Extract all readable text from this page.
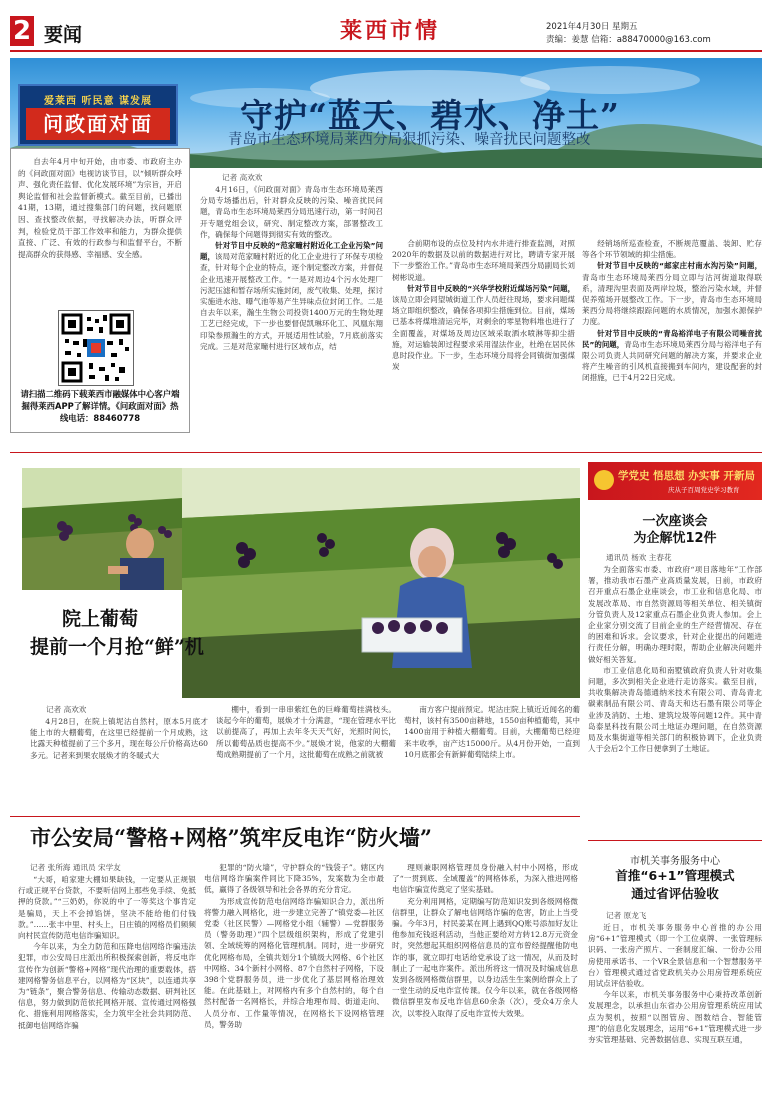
2 要闻	莱西市情	2021年4月30日 星期五
责编：姜慧 信箱：a88470000@163.com
爱莱西 听民意 谋发展
问政面对面	守护“蓝天、碧水、净土”
青岛市生态环境局莱西分局狠抓污染、噪音扰民问题整改

自去年4月中旬开始，由市委、市政府主办的《问政面对面》电视访谈节目，以“倾听群众呼声、强化责任监督、优化发展环境”为宗旨，开启舆论监督和社会监督新模式。截至目前，已播出41期，13期，通过搜集部门的问题，找问题原因、查找整改依据，寻找解决办法，听群众评判，检验党员干部工作效率和能力，为群众提供直接、广泛、有效的行政参与和监督平台，不断提高群众的获得感、幸福感、安全感。

请扫描二维码下载莱西市融媒体中心客户端掘得莱西APP了解详情。《问政面对面》热线电话：88460778
记者 高欢欢

4月16日，《问政面对面》青岛市生态环境局莱西分局专场播出后，针对群众反映的污染、噪音扰民问题，青岛市生态环境局莱西分局迅速行动，第一时间召开专题党组会议，研究、制定整改方案，部署整改工作，确保每个问题得到彻实有效的整改。

针对节目中反映的“范家疃村附近化工企业污染”问题，该局对范家疃村附近的化工企业进行了环保专项检查，针对每个企业的特点，逐个制定整改方案，并督促企业迅速开展整改工作。“一是对周边4个污水处理厂污泥压滤和暂存场所实施封闭，废气收集、处理，探讨实施进水池、曝气池等易产生异味点位封闭工作。二是自去年以来，瀚生生物公司投资1400万元的生物处理工艺已经完成，下一步也要督促凯琳环化工、风凰东翔印染参照瀚生的方式，开展适用性试验，7月底前落实完成。三是对范家疃村进行区域布点，结

合前期布设的点位及村内水井进行排查监测，对照2020年的数据及以前的数据进行对比，聘请专家开展下一步整治工作。”青岛市生态环境局莱西分局副局长刘树彬说道。

针对节目中反映的“兴华学校附近煤场污染”问题，该局立即会同望城街道工作人员赶往现场，要求问题煤场立即组织整改，确保各项抑尘措施到位。目前，煤场已基本将煤堆清运完毕，对剩余的零星物料堆也进行了全面覆盖，对煤场及周边区域采取洒水喷淋等抑尘措施，对运输装卸过程要求采用湿法作业，杜绝在居民休息时段作业。下一步，生态环境分局将会同镇街加强煤炭

经销场所巡查检查，不断规范覆盖、装卸、贮存等各个环节领域的抑尘措施。

针对节目中反映的“邮家庄村南水沟污染”问题，青岛市生态环境局莱西分局立即与沽河街道取得联系，清理沟里表面及两岸垃圾，整治污染水域，并督促养殖场开展整改工作。下一步，青岛市生态环境局莱西分局将继续跟踪问题的水质情况，加强水源保护力度。

针对节目中反映的“青岛裕洋电子有限公司噪音扰民”的问题，青岛市生态环境局莱西分局与裕洋电子有限公司负责人共同研究问题的解决方案，并要求企业将产生噪音的引风机直接搬到车间内，建设配套的封闭措施，已于4月22日完成。

院上葡萄
提前一个月抢“鲜”机
记者 高欢欢

4月28日，在院上镇坭沽自然村，原本5月底才能上市的大棚葡萄，在这里已经提前一个月成熟，这比露天种植提前了三个多月，现在每公斤价格高达60多元。记者来到果农展焕才的冬暖式大

棚中，看到一串串紫红色的巨峰葡萄挂满枝头。谈起今年的葡萄，展焕才十分满意，“现在管理水平比以前提高了，再加上去年冬天天气好，光照时间长，所以葡萄品质也提高不少。”展焕才说，他家的大棚葡萄成熟期提前了一个月，这批葡萄在成熟之前就被

南方客户提前预定。坭沽庄院上镇近近闻名的葡萄村，该村有3500亩耕地，1550亩种植葡萄，其中1400亩用于种植大棚葡萄。目前，大棚葡萄已经迎来丰收季，亩产达15000斤。从4月份开始，一直到10月底都会有新鲜葡萄陆续上市。

学党史 悟思想 办实事 开新局
庆从子百周党史学习教育
一次座谈会
为企解忧12件
通讯员 杨欢 主春花

为全面落实市委、市政府“项目落地年”工作部署，推动我市石墨产业高质量发展，日前，市政府召开重点石墨企业座谈会，市工业和信息化局、市发展改革局、市自然资源局等相关单位、相关镇街分管负责人及12家重点石墨企业负责人参加。会上企业家分别交流了目前企业的生产经营情况、存在的困难和诉求。会议要求，针对企业提出的问题进行责任分解，明确办理时限，帮助企业解决问题并做好相关答复。

市工业信息化局和南墅镇政府负责人针对收集问题，多次到相关企业进行走访落实。截至目前，共收集解决青岛德通纳米技术有限公司、青岛青北碳素制品有限公司、青岛天和达石墨有限公司等企业涉及消防、土地、建筑垃圾等问题12件。其中青岛泰星科技有限公司土地证办理问题，在自然资源局及水集街道等相关部门的积极协调下，企业负责人于会后2个工作日便拿到了土地证。

市公安局“警格+网格”筑牢反电诈“防火墙”
记者 张所海 通讯员 宋学友

“大哥，咱家建大棚如果缺钱，一定要从正规银行或正规平台贷款，不要听信网上那些免手续、免抵押的贷款。”“三奶奶，你说的中了一等奖这个事肯定是骗局，天上不会掉馅饼，坚决不能给他们付钱款。”……张丰中里、村头上，日庄镇的网格员们频频向村民宣传防范电信诈骗知识。

今年以来，为全力防范和压降电信网络诈骗违法犯罪，市公安局日庄派出所积极探索创新，将反电诈宣传作为创新“警格+网格”现代治理的重要载体，搭建网格警务信息平台，以网格为“区块”，以连通共享为“链条”，聚合警务信息、传输动态数据、研判社区信息，努力做到防范依托网格开展、宣传通过网格强化、措施利用网格落实，全力筑牢全社会共同防范、抵御电信网络诈骗

犯罪的“防火墙”，守护群众的“钱袋子”。辖区内电信网络诈骗案件同比下降35%，发案数为全市最低，赢得了各级领导和社会各界的充分肯定。

为形成宣传防范电信网络诈骗知识合力，派出所将警力融入网格化，进一步建立完善了“镇党委—社区党委（社区民警）—网格党小组（辅警）—党群服务员（警务助理）”四个层级组织架构，形成了党建引领、全域统筹的网格化管理机制。同时，进一步研究优化网格布局，全镇共划分1个镇级大网格、6个社区中网格、34个新村小网格、87个自然村子网格，下设398个党群服务员，进一步优化了基层网格治理效能。在此基础上，对网格内有多个自然村的，每个自然村配备一名网格长，并综合地理布局、街道走向、人员分布、工作量等情况，在网格长下设网格管理员，警务助

理则兼职网格管理员身份融入村中小网格，形成了“一贯到底、全域覆盖”的网格体系，为深入推进网格电信诈骗宣传奠定了坚实基础。

充分利用网格，定期编写防范知识发到各级网格微信群里，让群众了解电信网络诈骗的危害，防止上当受骗。今年3月，村民姜某在网上遇到QQ账号添加好友让他参加充钱返利活动，当他正要给对方转12.8万元资金时，突然想起其组织网格信息员的宣布曾经提醒他防电诈的事，就立即打电话给党承设了这一情况，从而及时制止了一起电诈案件。派出所将这一情况及时编成信息发到各级网格微信群里，以身边活生生案例给群众上了一堂生动的反电诈宣传课。仅今年以来，就在各级网格微信群里发布反电诈信息60余条（次），受众4万余人次，以零投入取得了反电诈宣传大效果。

市机关事务服务中心
首推“6+1”管理模式
通过省评估验收
记者 原龙飞

近日，市机关事务服务中心首推的办公用房“6+1”管理模式（即一个工位桌牌、一张管理标识码、一张房产照片、一套制度汇编、一份办公用房使用承诺书、一个VR全景信息和一个智慧服务平台）管理模式通过省党政机关办公用房管理系统应用试点评估验收。

今年以来，市机关事务服务中心秉持改革创新发展理念，以承担山东省办公用房管理系统应用试点为契机，按照“以图管房、图数结合、智能管理”的信息化发展理念，运用“6+1”管理模式进一步夯实管理基础、完善数据信息、实现互联互通，
